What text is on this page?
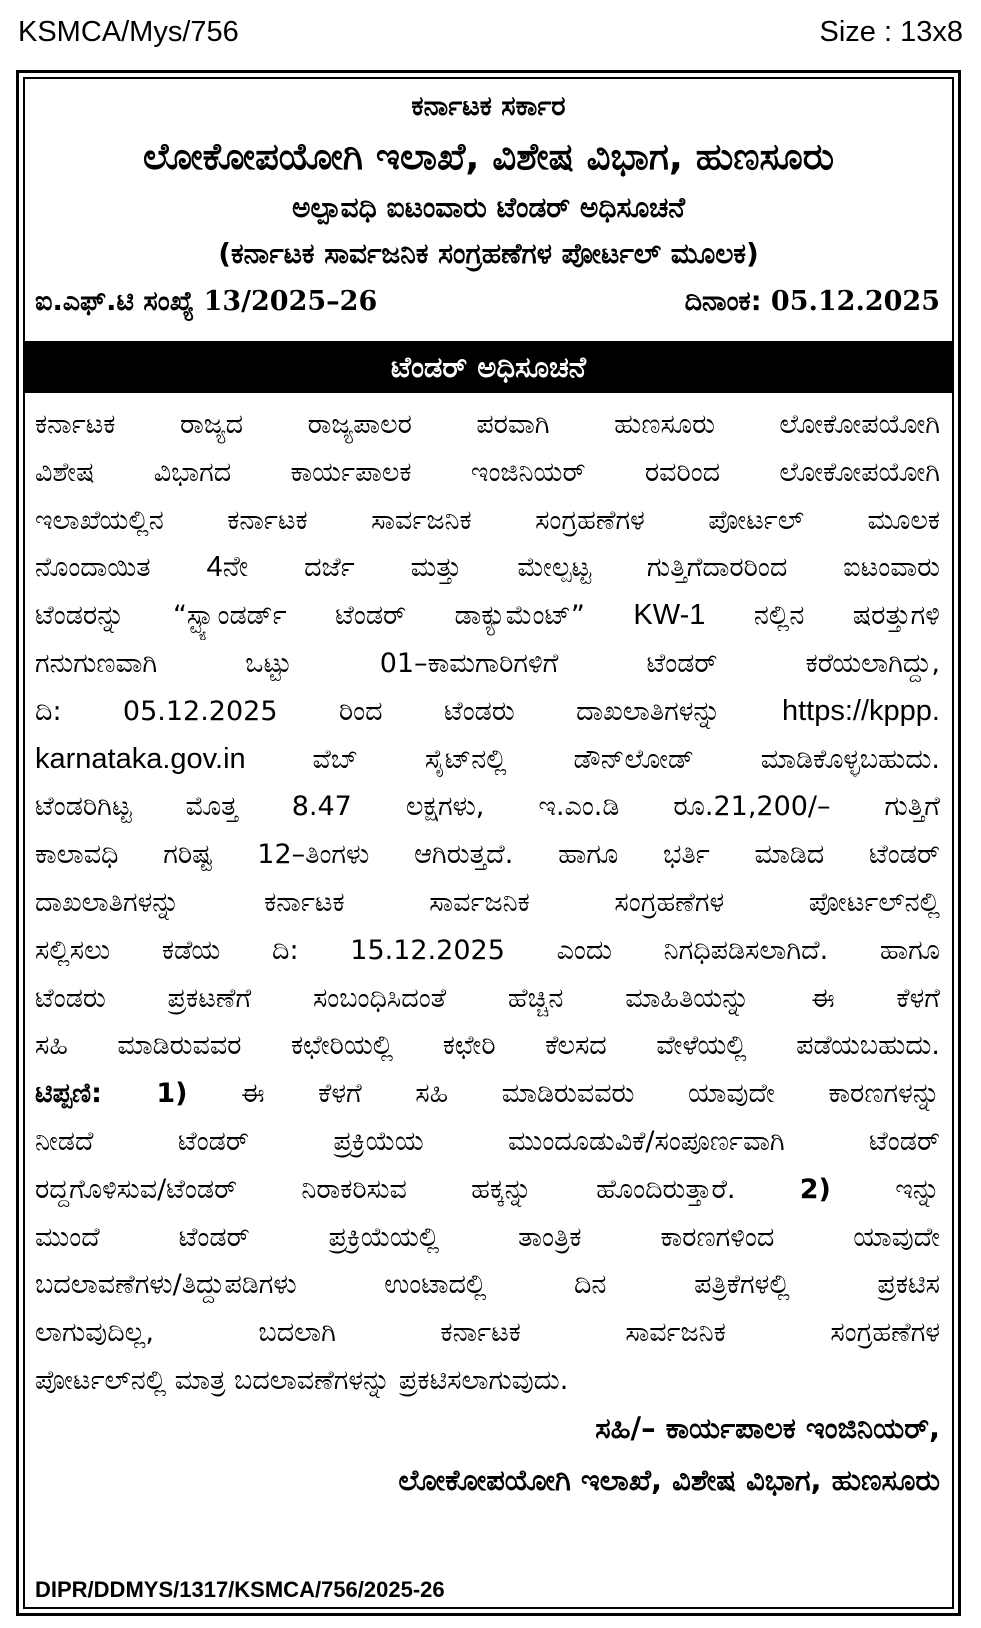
KSMCA/Mys/756	Size : 13x8
ಕರ್ನಾಟಕ ಸರ್ಕಾರ
ಲೋಕೋಪಯೋಗಿ ಇಲಾಖೆ, ವಿಶೇಷ ವಿಭಾಗ, ಹುಣಸೂರು
ಅಲ್ಪಾವಧಿ ಐಟಂವಾರು ಟೆಂಡರ್ ಅಧಿಸೂಚನೆ
(ಕರ್ನಾಟಕ ಸಾರ್ವಜನಿಕ ಸಂಗ್ರಹಣೆಗಳ ಪೋರ್ಟಲ್ ಮೂಲಕ)
ಐ.ಎಫ್.ಟಿ ಸಂಖ್ಯೆ 13/2025–26	ದಿನಾಂಕ: 05.12.2025
ಟೆಂಡರ್ ಅಧಿಸೂಚನೆ
ಕರ್ನಾಟಕ ರಾಜ್ಯದ ರಾಜ್ಯಪಾಲರ ಪರವಾಗಿ ಹುಣಸೂರು ಲೋಕೋಪಯೋಗಿ
ವಿಶೇಷ ವಿಭಾಗದ ಕಾರ್ಯಪಾಲಕ ಇಂಜಿನಿಯರ್ ರವರಿಂದ ಲೋಕೋಪಯೋಗಿ
ಇಲಾಖೆಯಲ್ಲಿನ ಕರ್ನಾಟಕ ಸಾರ್ವಜನಿಕ ಸಂಗ್ರಹಣೆಗಳ ಪೋರ್ಟಲ್ ಮೂಲಕ
ನೊಂದಾಯಿತ 4ನೇ ದರ್ಜೆ ಮತ್ತು ಮೇಲ್ಪಟ್ಟ ಗುತ್ತಿಗೆದಾರರಿಂದ ಐಟಂವಾರು
ಟೆಂಡರನ್ನು “ಸ್ಟ್ಯಾಂಡರ್ಡ್ ಟೆಂಡರ್ ಡಾಕ್ಯುಮೆಂಟ್” KW-1 ನಲ್ಲಿನ ಷರತ್ತುಗಳಿ
ಗನುಗುಣವಾಗಿ ಒಟ್ಟು 01–ಕಾಮಗಾರಿಗಳಿಗೆ ಟೆಂಡರ್ ಕರೆಯಲಾಗಿದ್ದು,
ದಿ: 05.12.2025 ರಿಂದ ಟೆಂಡರು ದಾಖಲಾತಿಗಳನ್ನು https://kppp.
karnataka.gov.in ವೆಬ್ ಸೈಟ್‌ನಲ್ಲಿ ಡೌನ್‌ಲೋಡ್ ಮಾಡಿಕೊಳ್ಳಬಹುದು.
ಟೆಂಡರಿಗಿಟ್ಟ ಮೊತ್ತ 8.47 ಲಕ್ಷಗಳು, ಇ.ಎಂ.ಡಿ ರೂ.21,200/– ಗುತ್ತಿಗೆ
ಕಾಲಾವಧಿ ಗರಿಷ್ಟ 12–ತಿಂಗಳು ಆಗಿರುತ್ತದೆ. ಹಾಗೂ ಭರ್ತಿ ಮಾಡಿದ ಟೆಂಡರ್
ದಾಖಲಾತಿಗಳನ್ನು ಕರ್ನಾಟಕ ಸಾರ್ವಜನಿಕ ಸಂಗ್ರಹಣೆಗಳ ಪೋರ್ಟಲ್‌ನಲ್ಲಿ
ಸಲ್ಲಿಸಲು ಕಡೆಯ ದಿ: 15.12.2025 ಎಂದು ನಿಗಧಿಪಡಿಸಲಾಗಿದೆ. ಹಾಗೂ
ಟೆಂಡರು ಪ್ರಕಟಣೆಗೆ ಸಂಬಂಧಿಸಿದಂತೆ ಹೆಚ್ಚಿನ ಮಾಹಿತಿಯನ್ನು ಈ ಕೆಳಗೆ
ಸಹಿ ಮಾಡಿರುವವರ ಕಛೇರಿಯಲ್ಲಿ ಕಛೇರಿ ಕೆಲಸದ ವೇಳೆಯಲ್ಲಿ ಪಡೆಯಬಹುದು.
ಟಿಪ್ಪಣಿ: 1) ಈ ಕೆಳಗೆ ಸಹಿ ಮಾಡಿರುವವರು ಯಾವುದೇ ಕಾರಣಗಳನ್ನು
ನೀಡದೆ ಟೆಂಡರ್ ಪ್ರಕ್ರಿಯೆಯ ಮುಂದೂಡುವಿಕೆ/ಸಂಪೂರ್ಣವಾಗಿ ಟೆಂಡರ್
ರದ್ದಗೊಳಿಸುವ/ಟೆಂಡರ್ ನಿರಾಕರಿಸುವ ಹಕ್ಕನ್ನು ಹೊಂದಿರುತ್ತಾರೆ. 2) ಇನ್ನು
ಮುಂದೆ ಟೆಂಡರ್ ಪ್ರಕ್ರಿಯೆಯಲ್ಲಿ ತಾಂತ್ರಿಕ ಕಾರಣಗಳಿಂದ ಯಾವುದೇ
ಬದಲಾವಣೆಗಳು/ತಿದ್ದುಪಡಿಗಳು ಉಂಟಾದಲ್ಲಿ ದಿನ ಪತ್ರಿಕೆಗಳಲ್ಲಿ ಪ್ರಕಟಿಸ
ಲಾಗುವುದಿಲ್ಲ, ಬದಲಾಗಿ ಕರ್ನಾಟಕ ಸಾರ್ವಜನಿಕ ಸಂಗ್ರಹಣೆಗಳ
ಪೋರ್ಟಲ್‌ನಲ್ಲಿ ಮಾತ್ರ ಬದಲಾವಣೆಗಳನ್ನು ಪ್ರಕಟಿಸಲಾಗುವುದು.
ಸಹಿ/– ಕಾರ್ಯಪಾಲಕ ಇಂಜಿನಿಯರ್,
ಲೋಕೋಪಯೋಗಿ ಇಲಾಖೆ, ವಿಶೇಷ ವಿಭಾಗ, ಹುಣಸೂರು
DIPR/DDMYS/1317/KSMCA/756/2025-26
